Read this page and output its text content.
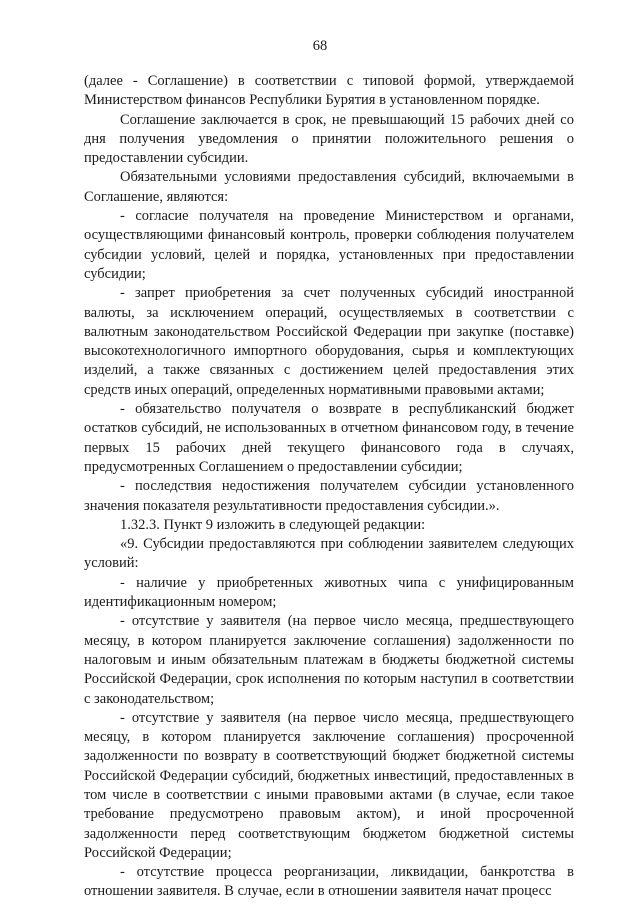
68

(далее - Соглашение) в соответствии с типовой формой, утверждаемой Министерством финансов Республики Бурятия в установленном порядке.

Соглашение заключается в срок, не превышающий 15 рабочих дней со дня получения уведомления о принятии положительного решения о предоставлении субсидии.

Обязательными условиями предоставления субсидий, включаемыми в Соглашение, являются:

- согласие получателя на проведение Министерством и органами, осуществляющими финансовый контроль, проверки соблюдения получателем субсидии условий, целей и порядка, установленных при предоставлении субсидии;

- запрет приобретения за счет полученных субсидий иностранной валюты, за исключением операций, осуществляемых в соответствии с валютным законодательством Российской Федерации при закупке (поставке) высокотехнологичного импортного оборудования, сырья и комплектующих изделий, а также связанных с достижением целей предоставления этих средств иных операций, определенных нормативными правовыми актами;

- обязательство получателя о возврате в республиканский бюджет остатков субсидий, не использованных в отчетном финансовом году, в течение первых 15 рабочих дней текущего финансового года в случаях, предусмотренных Соглашением о предоставлении субсидии;

- последствия недостижения получателем субсидии установленного значения показателя результативности предоставления субсидии.».

1.32.3. Пункт 9 изложить в следующей редакции:

«9. Субсидии предоставляются при соблюдении заявителем следующих условий:

- наличие у приобретенных животных чипа с унифицированным идентификационным номером;

- отсутствие у заявителя (на первое число месяца, предшествующего месяцу, в котором планируется заключение соглашения) задолженности по налоговым и иным обязательным платежам в бюджеты бюджетной системы Российской Федерации, срок исполнения по которым наступил в соответствии с законодательством;

- отсутствие у заявителя (на первое число месяца, предшествующего месяцу, в котором планируется заключение соглашения) просроченной задолженности по возврату в соответствующий бюджет бюджетной системы Российской Федерации субсидий, бюджетных инвестиций, предоставленных в том числе в соответствии с иными правовыми актами (в случае, если такое требование предусмотрено правовым актом), и иной просроченной задолженности перед соответствующим бюджетом бюджетной системы Российской Федерации;

- отсутствие процесса реорганизации, ликвидации, банкротства в отношении заявителя. В случае, если в отношении заявителя начат процесс
